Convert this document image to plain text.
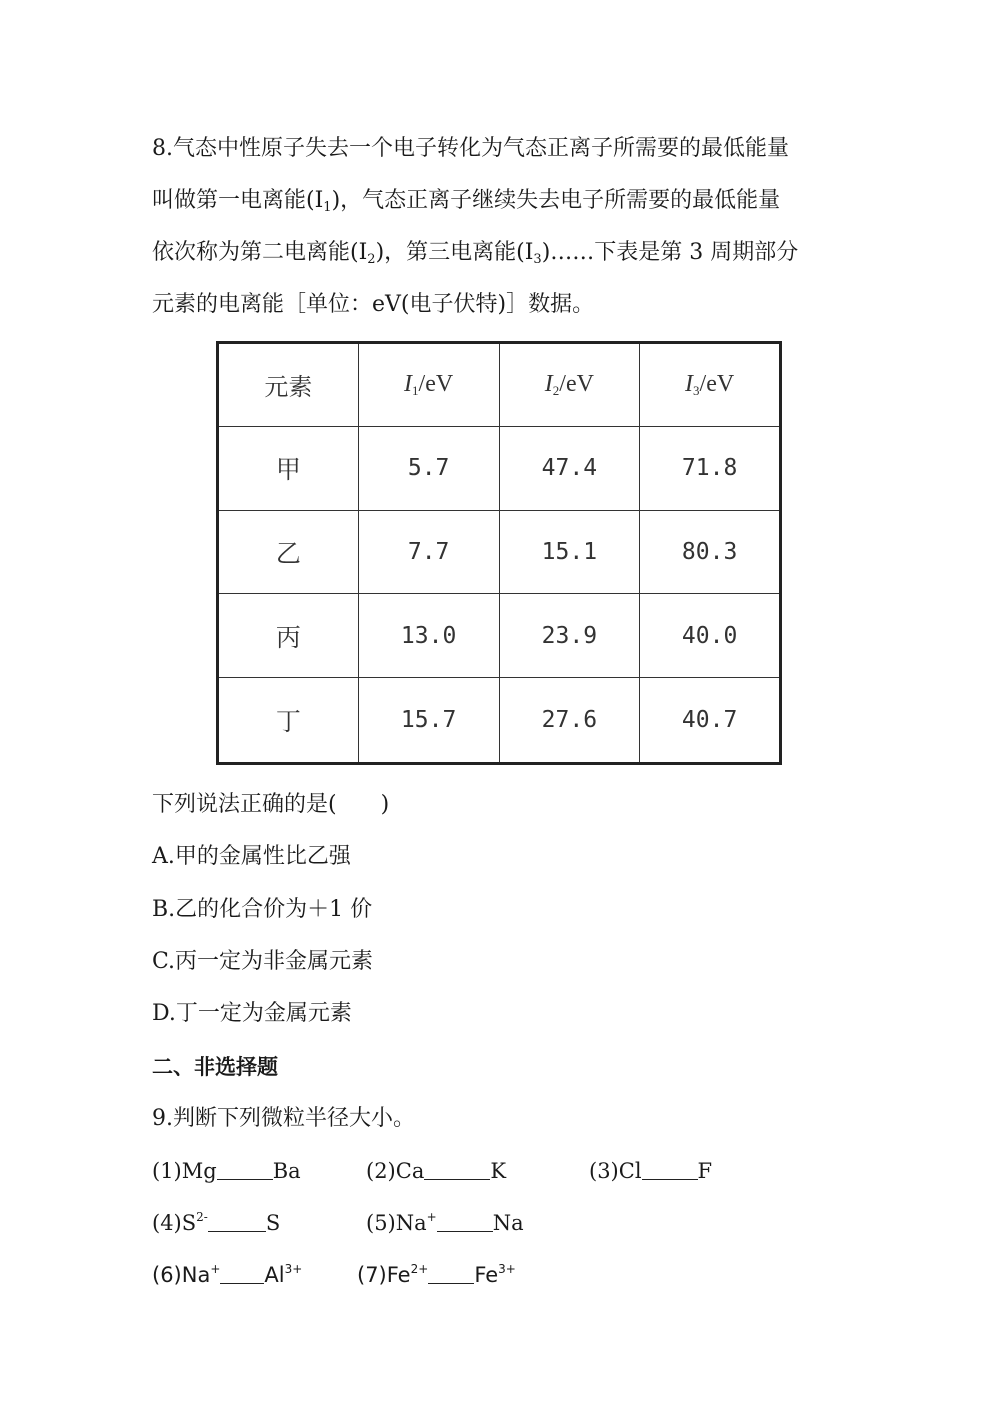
8.气态中性原子失去一个电子转化为气态正离子所需要的最低能量
叫做第一电离能$(I_1)$，气态正离子继续失去电子所需要的最低能量
依次称为第二电离能$(I_2)$，第三电离能$(I_3)\dots\dots$下表是第 3 周期部分
元素的电离能［单位：eV(电子伏特)］数据。
元素	$I_1/eV$	$I_2/eV$	$I_3/eV$
甲	5.7	47.4	71.8
乙	7.7	15.1	80.3
丙	13.0	23.9	40.0
丁	15.7	27.6	40.7
下列说法正确的是(　　)
A.甲的金属性比乙强
B.乙的化合价为＋1 价
C.丙一定为非金属元素
D.丁一定为金属元素
二、非选择题
9.判断下列微粒半径大小。
(1)Mg	Ba	(2)Ca	K	(3)Cl	F
$(4)S^{2-}$	S	(5)Na+	Na
(6)Na+ $Al^{3+}$	$(7)Fe^{2+}$ $Fe^{3+}$
